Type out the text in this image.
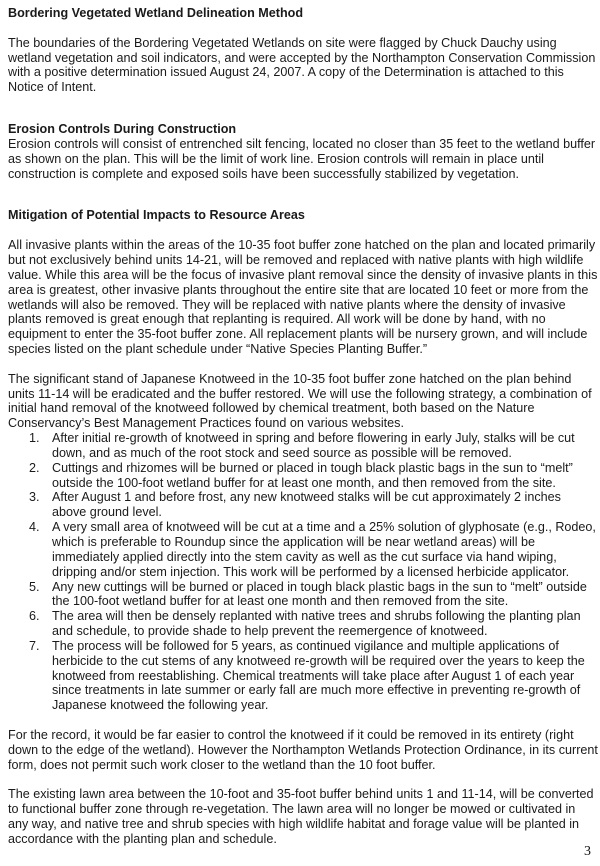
Bordering Vegetated Wetland Delineation Method

The boundaries of the Bordering Vegetated Wetlands on site were flagged by Chuck Dauchy using wetland vegetation and soil indicators, and were accepted by the Northampton Conservation Commission with a positive determination issued August 24, 2007. A copy of the Determination is attached to this Notice of Intent.

Erosion Controls During Construction

Erosion controls will consist of entrenched silt fencing, located no closer than 35 feet to the wetland buffer as shown on the plan. This will be the limit of work line. Erosion controls will remain in place until construction is complete and exposed soils have been successfully stabilized by vegetation.

Mitigation of Potential Impacts to Resource Areas

All invasive plants within the areas of the 10-35 foot buffer zone hatched on the plan and located primarily but not exclusively behind units 14-21, will be removed and replaced with native plants with high wildlife value. While this area will be the focus of invasive plant removal since the density of invasive plants in this area is greatest, other invasive plants throughout the entire site that are located 10 feet or more from the wetlands will also be removed. They will be replaced with native plants where the density of invasive plants removed is great enough that replanting is required. All work will be done by hand, with no equipment to enter the 35-foot buffer zone. All replacement plants will be nursery grown, and will include species listed on the plant schedule under “Native Species Planting Buffer.”

The significant stand of Japanese Knotweed in the 10-35 foot buffer zone hatched on the plan behind units 11-14 will be eradicated and the buffer restored. We will use the following strategy, a combination of initial hand removal of the knotweed followed by chemical treatment, both based on the Nature Conservancy’s Best Management Practices found on various websites.

1. After initial re-growth of knotweed in spring and before flowering in early July, stalks will be cut down, and as much of the root stock and seed source as possible will be removed.
2. Cuttings and rhizomes will be burned or placed in tough black plastic bags in the sun to “melt” outside the 100-foot wetland buffer for at least one month, and then removed from the site.
3. After August 1 and before frost, any new knotweed stalks will be cut approximately 2 inches above ground level.
4. A very small area of knotweed will be cut at a time and a 25% solution of glyphosate (e.g., Rodeo, which is preferable to Roundup since the application will be near wetland areas) will be immediately applied directly into the stem cavity as well as the cut surface via hand wiping, dripping and/or stem injection. This work will be performed by a licensed herbicide applicator.
5. Any new cuttings will be burned or placed in tough black plastic bags in the sun to “melt” outside the 100-foot wetland buffer for at least one month and then removed from the site.
6. The area will then be densely replanted with native trees and shrubs following the planting plan and schedule, to provide shade to help prevent the reemergence of knotweed.
7. The process will be followed for 5 years, as continued vigilance and multiple applications of herbicide to the cut stems of any knotweed re-growth will be required over the years to keep the knotweed from reestablishing. Chemical treatments will take place after August 1 of each year since treatments in late summer or early fall are much more effective in preventing re-growth of Japanese knotweed the following year.

For the record, it would be far easier to control the knotweed if it could be removed in its entirety (right down to the edge of the wetland). However the Northampton Wetlands Protection Ordinance, in its current form, does not permit such work closer to the wetland than the 10 foot buffer.

The existing lawn area between the 10-foot and 35-foot buffer behind units 1 and 11-14, will be converted to functional buffer zone through re-vegetation. The lawn area will no longer be mowed or cultivated in any way, and native tree and shrub species with high wildlife habitat and forage value will be planted in accordance with the planting plan and schedule.

3
